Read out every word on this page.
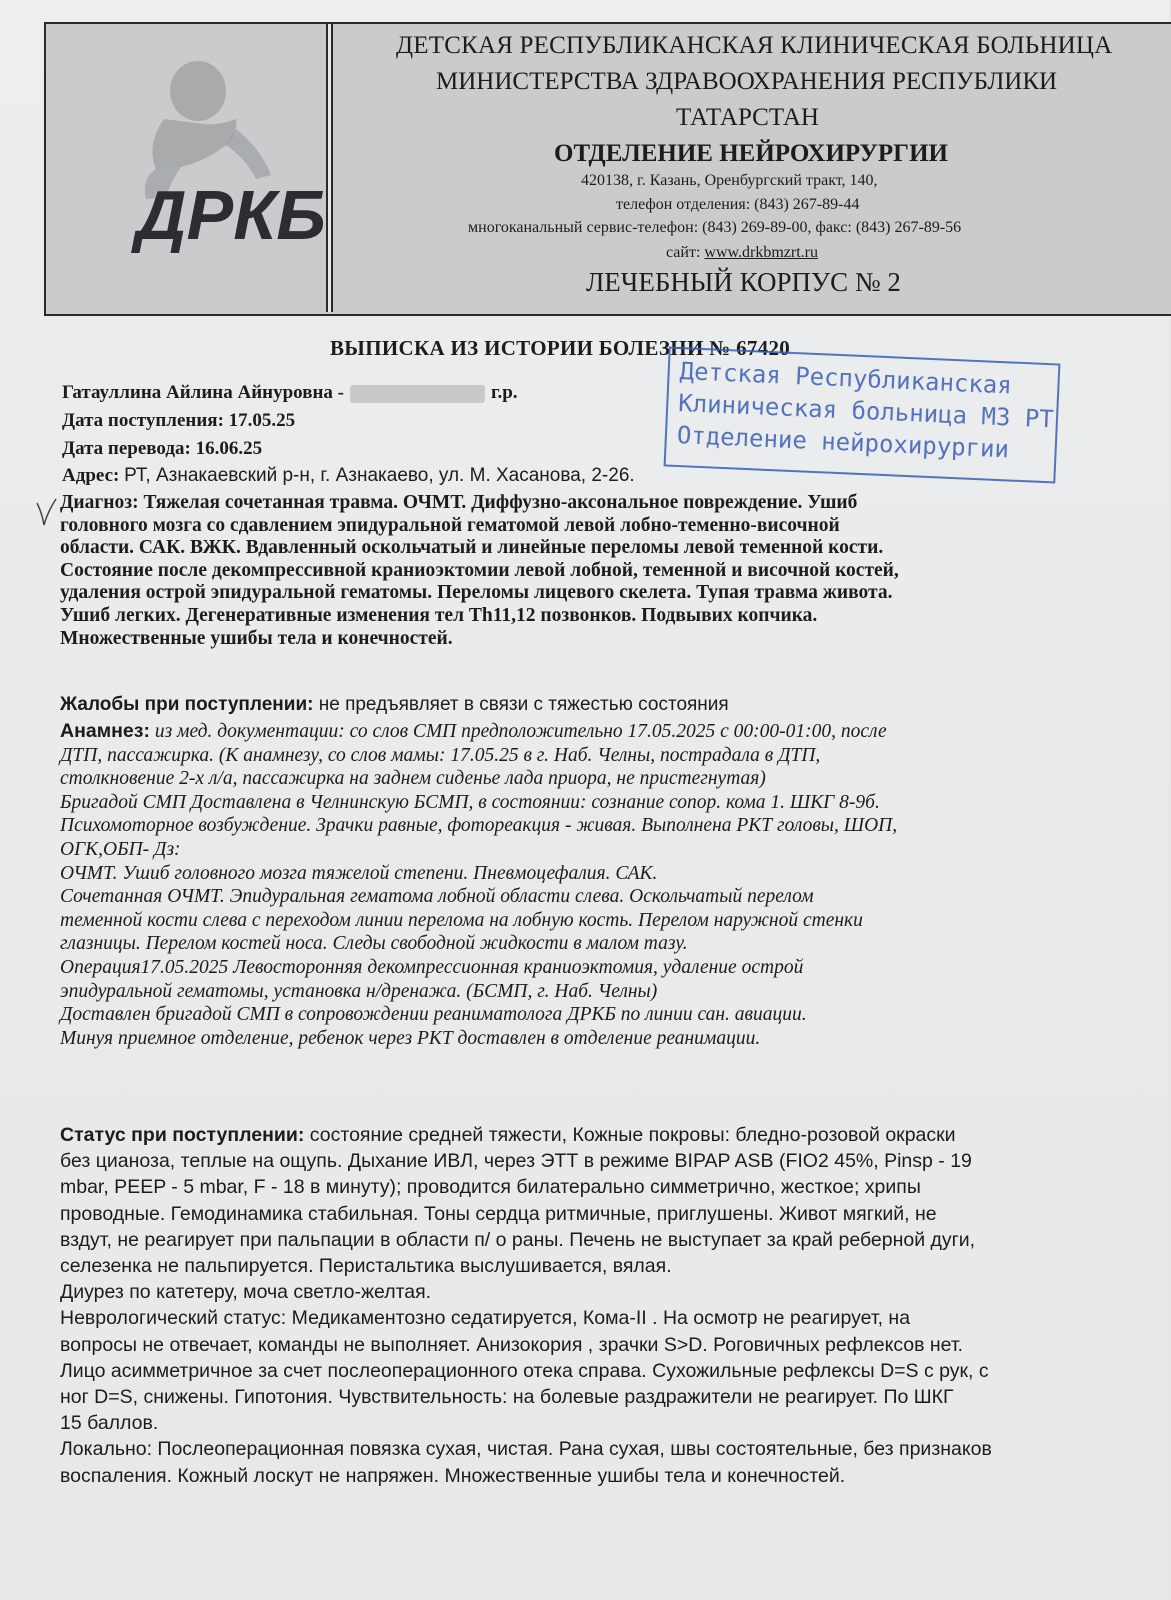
ДРКБ
ДЕТСКАЯ РЕСПУБЛИКАНСКАЯ КЛИНИЧЕСКАЯ БОЛЬНИЦА
МИНИСТЕРСТВА ЗДРАВООХРАНЕНИЯ РЕСПУБЛИКИ
ТАТАРСТАН
ОТДЕЛЕНИЕ НЕЙРОХИРУРГИИ
420138, г. Казань, Оренбургский тракт, 140,
телефон отделения: (843) 267-89-44
многоканальный сервис-телефон: (843) 269-89-00, факс: (843) 267-89-56
сайт: www.drkbmzrt.ru
ЛЕЧЕБНЫЙ КОРПУС № 2
ВЫПИСКА ИЗ ИСТОРИИ БОЛЕЗНИ № 67420
Детская Республиканская
Клиническая больница МЗ РТ
Отделение нейрохирургии
Гатауллина Айлина Айнуровна -	г.р.
Дата поступления: 17.05.25
Дата перевода: 16.06.25
Адрес: РТ, Азнакаевский р-н, г. Азнакаево, ул. М. Хасанова, 2-26.
Диагноз: Тяжелая сочетанная травма. ОЧМТ. Диффузно-аксональное повреждение. Ушиб
головного мозга со сдавлением эпидуральной гематомой левой лобно-теменно-височной
области. САК. ВЖК. Вдавленный оскольчатый и линейные переломы левой теменной кости.
Состояние после декомпрессивной краниоэктомии левой лобной, теменной и височной костей,
удаления острой эпидуральной гематомы. Переломы лицевого скелета. Тупая травма живота.
Ушиб легких. Дегенеративные изменения тел Th11,12 позвонков. Подвывих копчика.
Множественные ушибы тела и конечностей.
Жалобы при поступлении: не предъявляет в связи с тяжестью состояния
Анамнез: из мед. документации: со слов СМП предположительно 17.05.2025 с 00:00-01:00, после
ДТП, пассажирка. (К анамнезу, со слов мамы: 17.05.25 в г. Наб. Челны, пострадала в ДТП,
столкновение 2-х л/а, пассажирка на заднем сиденье лада приора, не пристегнутая)
Бригадой СМП Доставлена в Челнинскую БСМП, в состоянии: сознание сопор. кома 1. ШКГ 8-9б.
Психомоторное возбуждение. Зрачки равные, фотореакция - живая. Выполнена РКТ головы, ШОП,
ОГК,ОБП- Дз:
ОЧМТ. Ушиб головного мозга тяжелой степени. Пневмоцефалия. САК.
Сочетанная ОЧМТ. Эпидуральная гематома лобной области слева. Оскольчатый перелом
теменной кости слева с переходом линии перелома на лобную кость. Перелом наружной стенки
глазницы. Перелом костей носа. Следы свободной жидкости в малом тазу.
Операция17.05.2025 Левосторонняя декомпрессионная краниоэктомия, удаление острой
эпидуральной гематомы, установка н/дренажа. (БСМП, г. Наб. Челны)
Доставлен бригадой СМП в сопровождении реаниматолога ДРКБ по линии сан. авиации.
Минуя приемное отделение, ребенок через РКТ доставлен в отделение реанимации.
Статус при поступлении: состояние средней тяжести, Кожные покровы: бледно-розовой окраски
без цианоза, теплые на ощупь. Дыхание ИВЛ, через ЭТТ в режиме BIPAP ASB (FIO2 45%, Pinsp - 19
mbar, PEEP - 5 mbar, F - 18 в минуту); проводится билатерально симметрично, жесткое; хрипы
проводные. Гемодинамика стабильная. Тоны сердца ритмичные, приглушены. Живот мягкий, не
вздут, не реагирует при пальпации в области п/ о раны. Печень не выступает за край реберной дуги,
селезенка не пальпируется. Перистальтика выслушивается, вялая.
Диурез по катетеру, моча светло-желтая.
Неврологический статус: Медикаментозно седатируется, Кома-II . На осмотр не реагирует, на
вопросы не отвечает, команды не выполняет. Анизокория , зрачки S>D. Роговичных рефлексов нет.
Лицо асимметричное за счет послеоперационного отека справа. Сухожильные рефлексы D=S с рук, с
ног D=S, снижены. Гипотония. Чувствительность: на болевые раздражители не реагирует. По ШКГ
15 баллов.
Локально: Послеоперационная повязка сухая, чистая. Рана сухая, швы состоятельные, без признаков
воспаления. Кожный лоскут не напряжен. Множественные ушибы тела и конечностей.
